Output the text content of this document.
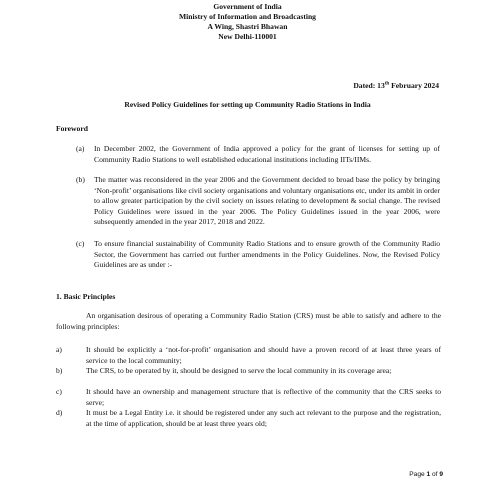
Government of India
Ministry of Information and Broadcasting
A Wing, Shastri Bhawan
New Delhi-110001
Dated: 13th February 2024
Revised Policy Guidelines for setting up Community Radio Stations in India
Foreword
(a) In December 2002, the Government of India approved a policy for the grant of licenses for setting up of Community Radio Stations to well established educational institutions including IITs/IIMs.
(b) The matter was reconsidered in the year 2006 and the Government decided to broad base the policy by bringing ‘Non-profit’ organisations like civil society organisations and voluntary organisations etc, under its ambit in order to allow greater participation by the civil society on issues relating to development & social change. The revised Policy Guidelines were issued in the year 2006. The Policy Guidelines issued in the year 2006, were subsequently amended in the year 2017, 2018 and 2022.
(c) To ensure financial sustainability of Community Radio Stations and to ensure growth of the Community Radio Sector, the Government has carried out further amendments in the Policy Guidelines. Now, the Revised Policy Guidelines are as under :-
1. Basic Principles
An organisation desirous of operating a Community Radio Station (CRS) must be able to satisfy and adhere to the following principles:
a)	It should be explicitly a ‘not-for-profit’ organisation and should have a proven record of at least three years of service to the local community;
b)	The CRS, to be operated by it, should be designed to serve the local community in its coverage area;
c)	It should have an ownership and management structure that is reflective of the community that the CRS seeks to serve;
d)	It must be a Legal Entity i.e. it should be registered under any such act relevant to the purpose and the registration, at the time of application, should be at least three years old;
Page 1 of 9
